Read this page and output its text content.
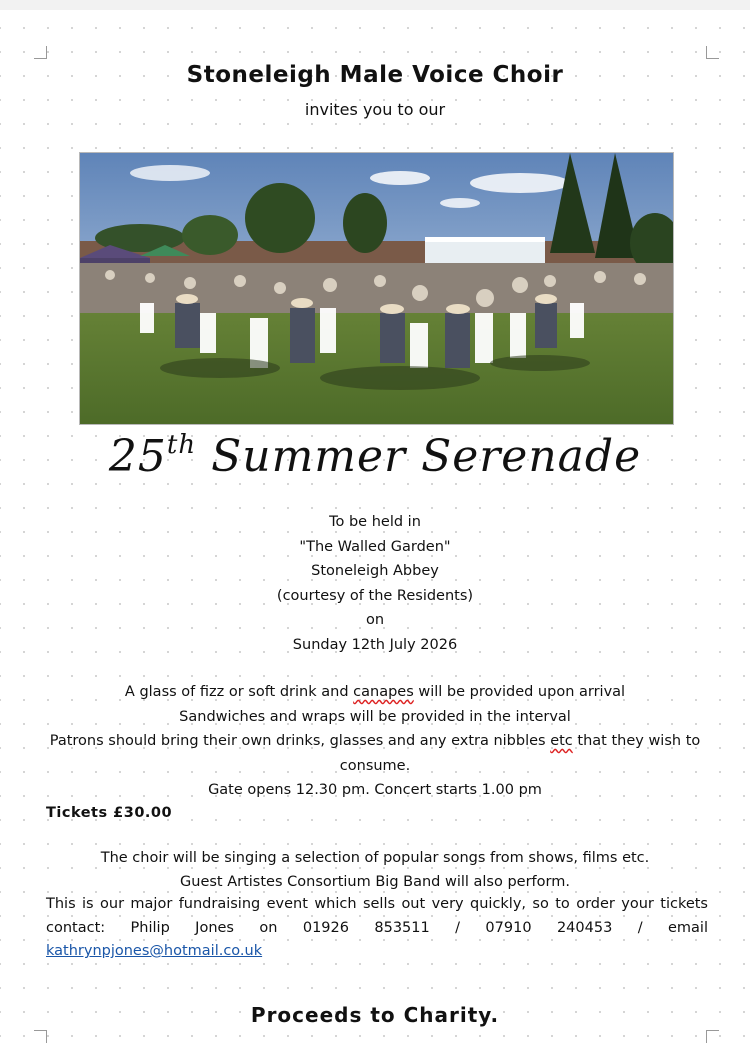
Stoneleigh Male Voice Choir
invites you to our
25th Summer Serenade
To be held in
"The Walled Garden"
Stoneleigh Abbey
(courtesy of the Residents)
on
Sunday 12th July 2026
A glass of fizz or soft drink and canapes will be provided upon arrival
Sandwiches and wraps will be provided in the interval
Patrons should bring their own drinks, glasses and any extra nibbles etc that they wish to consume.
Gate opens 12.30 pm. Concert starts 1.00 pm
Tickets £30.00
The choir will be singing a selection of popular songs from shows, films etc.
Guest Artistes Consortium Big Band will also perform.
This is our major fundraising event which sells out very quickly, so to order your tickets contact: Philip Jones on 01926 853511 / 07910 240453 / email kathrynpjones@hotmail.co.uk
Proceeds to Charity.
